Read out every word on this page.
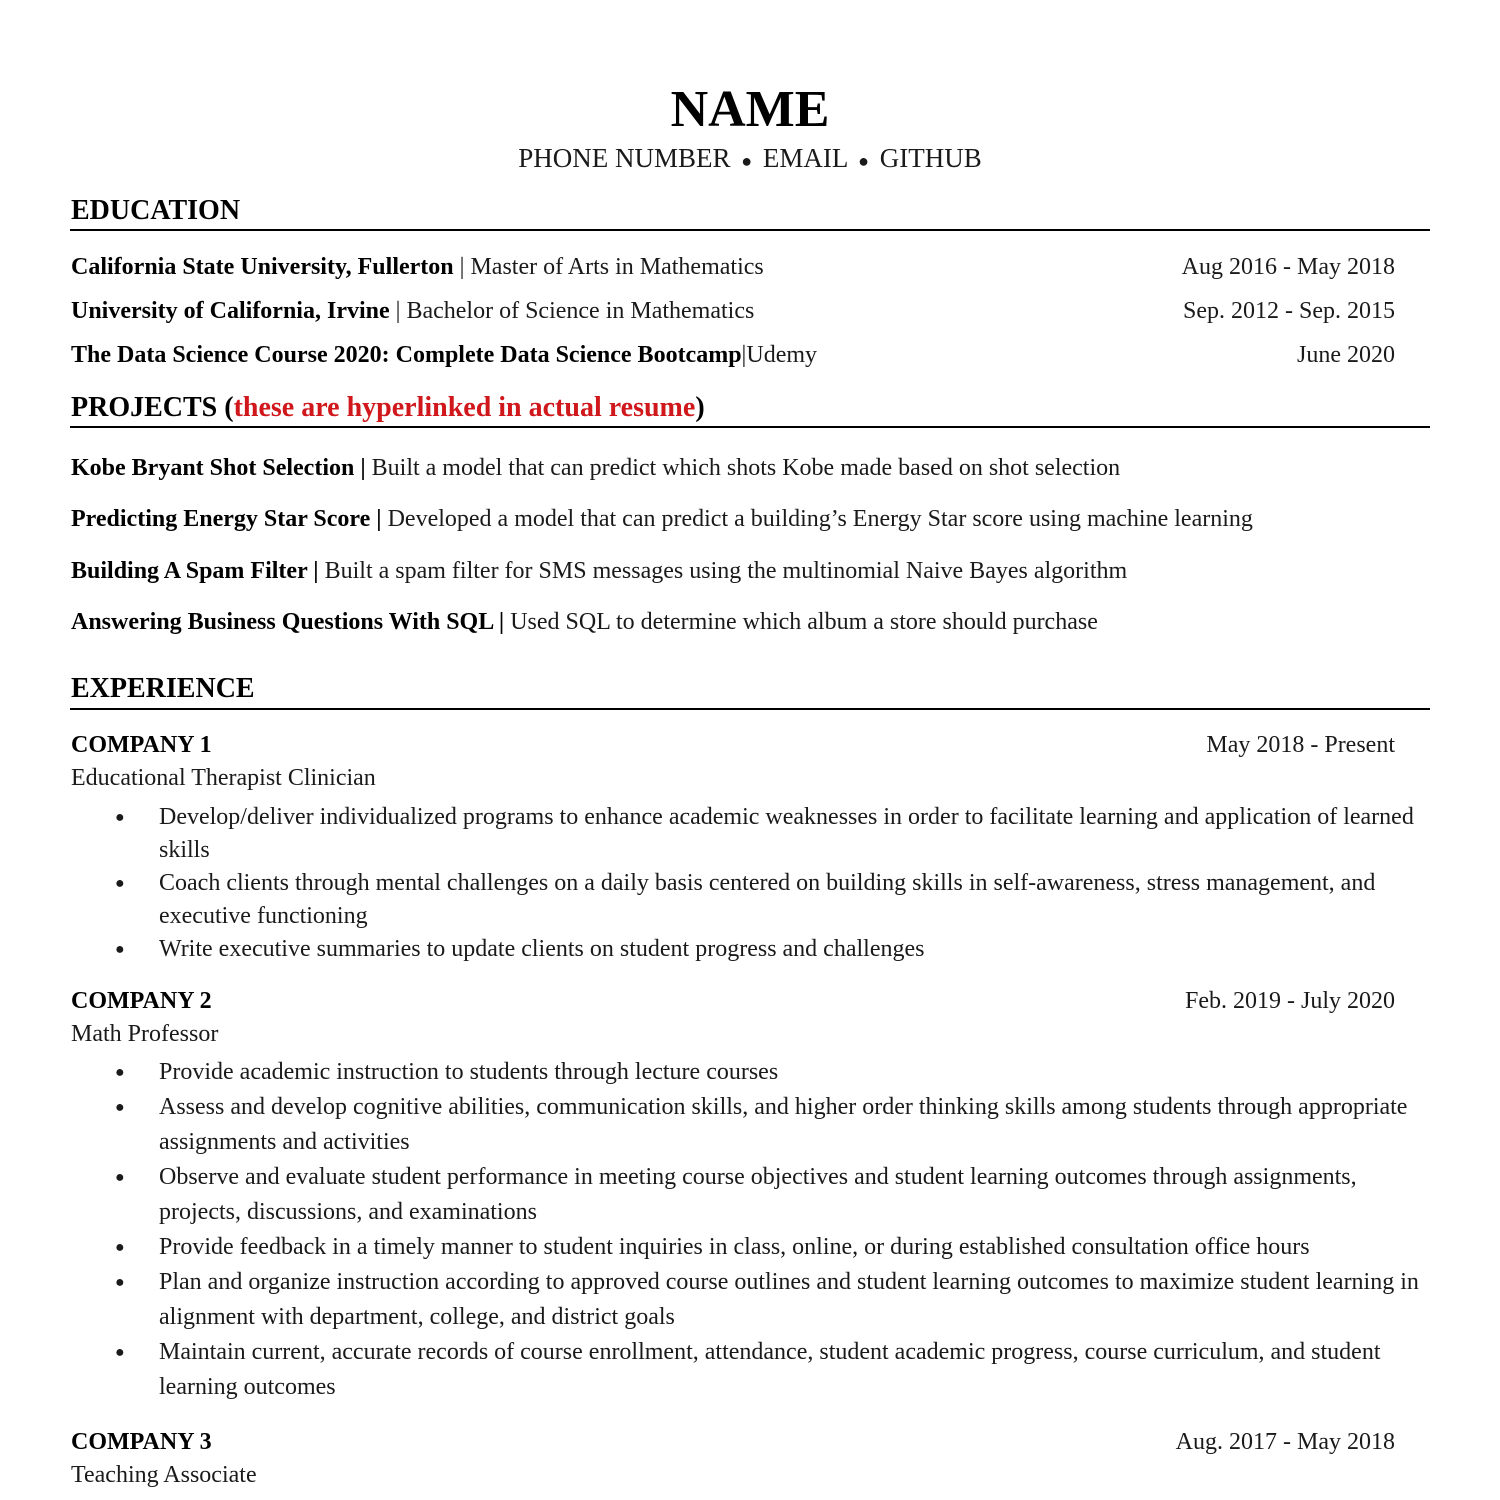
NAME
PHONE NUMBER ● EMAIL ● GITHUB
EDUCATION
California State University, Fullerton | Master of Arts in Mathematics	Aug 2016 - May 2018
University of California, Irvine | Bachelor of Science in Mathematics	Sep. 2012 - Sep. 2015
The Data Science Course 2020: Complete Data Science Bootcamp|Udemy	June 2020
PROJECTS (these are hyperlinked in actual resume)
Kobe Bryant Shot Selection | Built a model that can predict which shots Kobe made based on shot selection
Predicting Energy Star Score | Developed a model that can predict a building’s Energy Star score using machine learning
Building A Spam Filter | Built a spam filter for SMS messages using the multinomial Naive Bayes algorithm
Answering Business Questions With SQL | Used SQL to determine which album a store should purchase
EXPERIENCE
COMPANY 1	May 2018 - Present
Educational Therapist Clinician
● Develop/deliver individualized programs to enhance academic weaknesses in order to facilitate learning and application of learned skills
● Coach clients through mental challenges on a daily basis centered on building skills in self-awareness, stress management, and executive functioning
● Write executive summaries to update clients on student progress and challenges
COMPANY 2	Feb. 2019 - July 2020
Math Professor
● Provide academic instruction to students through lecture courses
● Assess and develop cognitive abilities, communication skills, and higher order thinking skills among students through appropriate assignments and activities
● Observe and evaluate student performance in meeting course objectives and student learning outcomes through assignments, projects, discussions, and examinations
● Provide feedback in a timely manner to student inquiries in class, online, or during established consultation office hours
● Plan and organize instruction according to approved course outlines and student learning outcomes to maximize student learning in alignment with department, college, and district goals
● Maintain current, accurate records of course enrollment, attendance, student academic progress, course curriculum, and student learning outcomes
COMPANY 3	Aug. 2017 - May 2018
Teaching Associate
